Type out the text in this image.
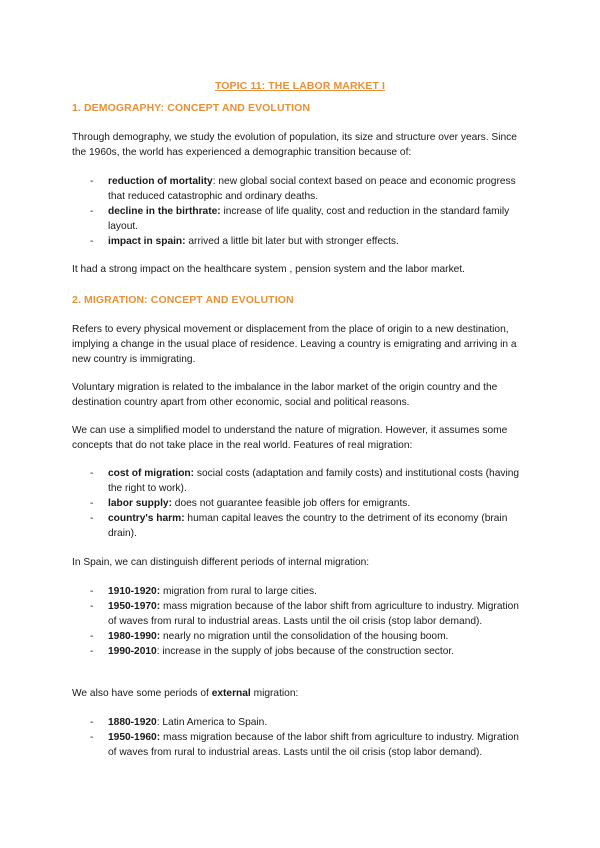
TOPIC 11: THE LABOR MARKET I
1. DEMOGRAPHY: CONCEPT AND EVOLUTION
Through demography, we study the evolution of population, its size and structure over years. Since the 1960s, the world has experienced a demographic transition because of:
- reduction of mortality: new global social context based on peace and economic progress that reduced catastrophic and ordinary deaths.
- decline in the birthrate: increase of life quality, cost and reduction in the standard family layout.
- impact in spain: arrived a little bit later but with stronger effects.
It had a strong impact on the healthcare system , pension system and the labor market.
2. MIGRATION: CONCEPT AND EVOLUTION
Refers to every physical movement or displacement from the place of origin to a new destination, implying a change in the usual place of residence. Leaving a country is emigrating and arriving in a new country is immigrating.
Voluntary migration is related to the imbalance in the labor market of the origin country and the destination country apart from other economic, social and political reasons.
We can use a simplified model to understand the nature of migration. However, it assumes some concepts that do not take place in the real world. Features of real migration:
- cost of migration: social costs (adaptation and family costs) and institutional costs (having the right to work).
- labor supply: does not guarantee feasible job offers for emigrants.
- country's harm: human capital leaves the country to the detriment of its economy (brain drain).
In Spain, we can distinguish different periods of internal migration:
- 1910-1920: migration from rural to large cities.
- 1950-1970: mass migration because of the labor shift from agriculture to industry. Migration of waves from rural to industrial areas. Lasts until the oil crisis (stop labor demand).
- 1980-1990: nearly no migration until the consolidation of the housing boom.
- 1990-2010: increase in the supply of jobs because of the construction sector.
We also have some periods of external migration:
- 1880-1920: Latin America to Spain.
- 1950-1960: mass migration because of the labor shift from agriculture to industry. Migration of waves from rural to industrial areas. Lasts until the oil crisis (stop labor demand).
